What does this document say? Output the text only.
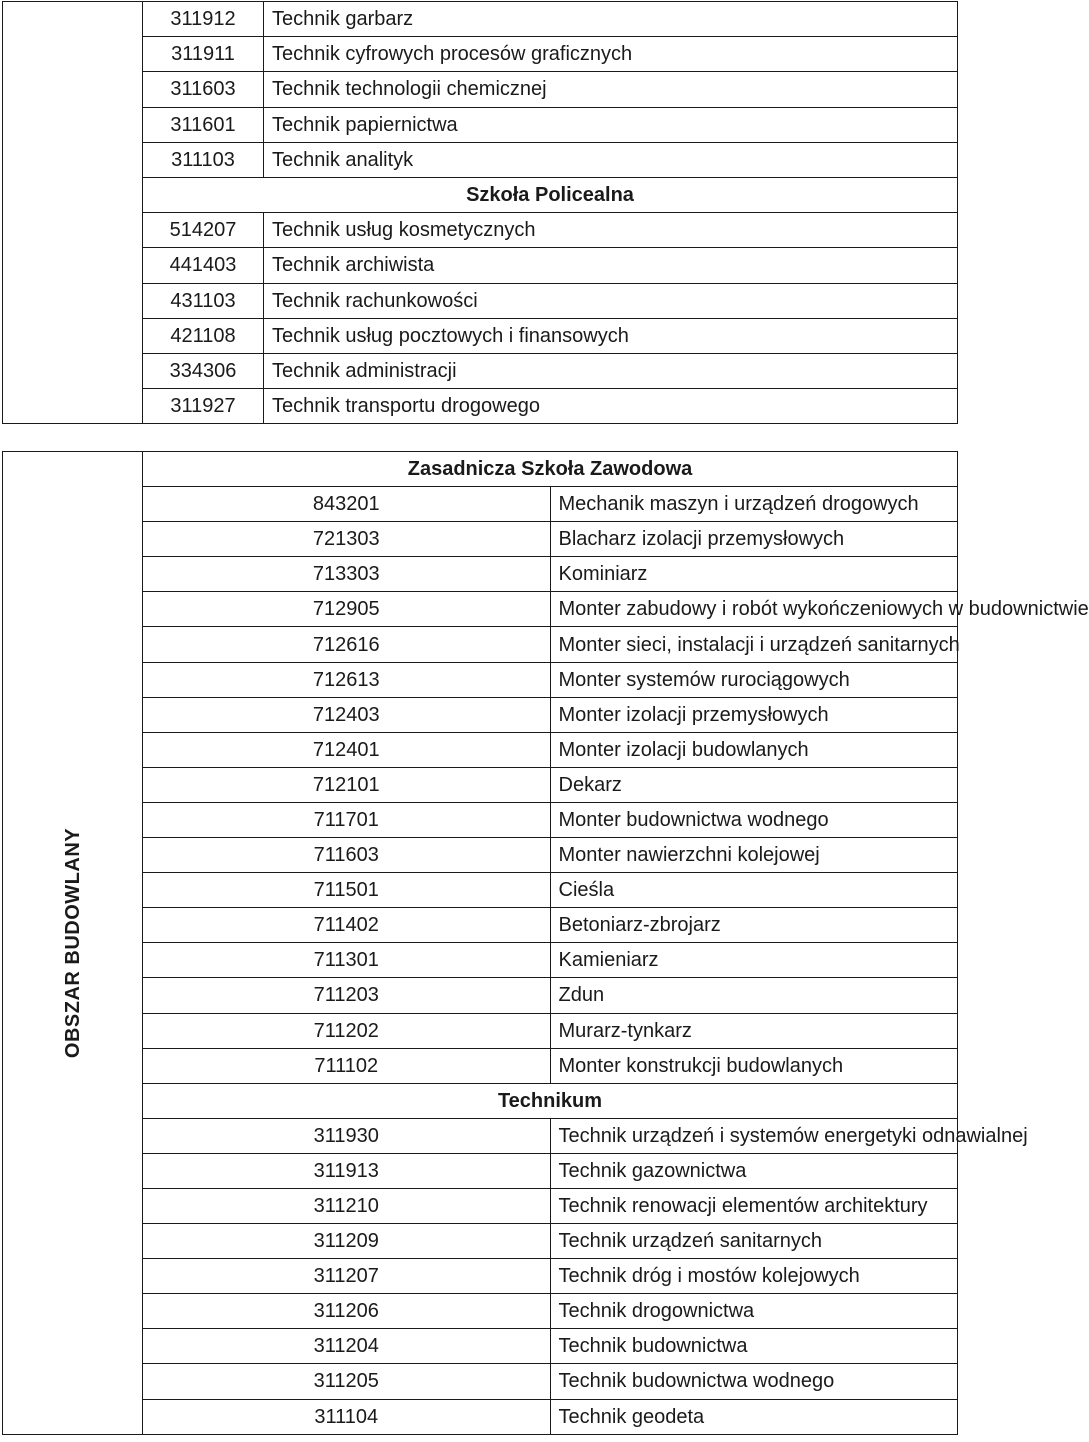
	311912	Technik garbarz
	311911	Technik cyfrowych procesów graficznych
	311603	Technik technologii chemicznej
	311601	Technik papiernictwa
	311103	Technik analityk
	Szkoła Policealna	
	514207	Technik usług kosmetycznych
	441403	Technik archiwista
	431103	Technik rachunkowości
	421108	Technik usług pocztowych i finansowych
	334306	Technik administracji
	311927	Technik transportu drogowego
OBSZAR BUDOWLANY	Zasadnicza Szkoła Zawodowa	
	843201	Mechanik maszyn i urządzeń drogowych
	721303	Blacharz izolacji przemysłowych
	713303	Kominiarz
	712905	Monter zabudowy i robót wykończeniowych w budownictwie
	712616	Monter sieci, instalacji i urządzeń sanitarnych
	712613	Monter systemów rurociągowych
	712403	Monter izolacji przemysłowych
	712401	Monter izolacji budowlanych
	712101	Dekarz
	711701	Monter budownictwa wodnego
	711603	Monter nawierzchni kolejowej
	711501	Cieśla
	711402	Betoniarz-zbrojarz
	711301	Kamieniarz
	711203	Zdun
	711202	Murarz-tynkarz
	711102	Monter konstrukcji budowlanych
	Technikum	
	311930	Technik urządzeń i systemów energetyki odnawialnej
	311913	Technik gazownictwa
	311210	Technik renowacji elementów architektury
	311209	Technik urządzeń sanitarnych
	311207	Technik dróg i mostów kolejowych
	311206	Technik drogownictwa
	311204	Technik budownictwa
	311205	Technik budownictwa wodnego
	311104	Technik geodeta
